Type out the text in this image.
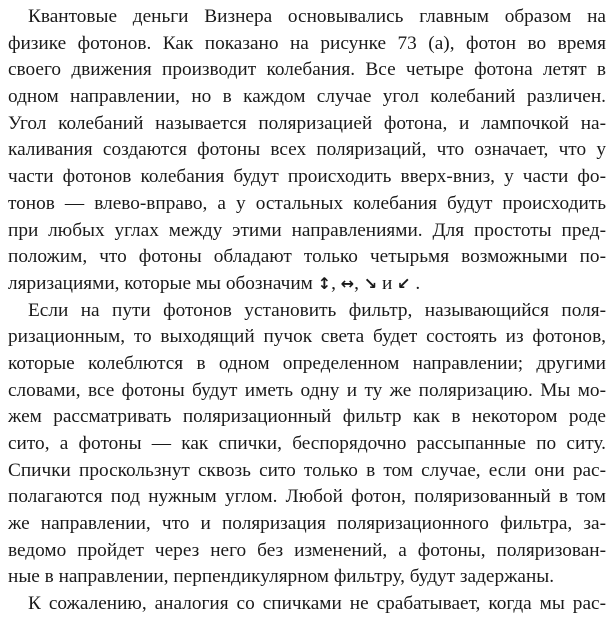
Квантовые деньги Визнера основывались главным образом на
физике фотонов. Как показано на рисунке 73 (а), фотон во время
своего движения производит колебания. Все четыре фотона летят в
одном направлении, но в каждом случае угол колебаний различен.
Угол колебаний называется поляризацией фотона, и лампочкой на-
каливания создаются фотоны всех поляризаций, что означает, что у
части фотонов колебания будут происходить вверх-вниз, у части фо-
тонов — влево-вправо, а у остальных колебания будут происходить
при любых углах между этими направлениями. Для простоты пред-
положим, что фотоны обладают только четырьмя возможными по-
ляризациями, которые мы обозначим ↕, ↔, ↘ и ↙ .
Если на пути фотонов установить фильтр, называющийся поля-
ризационным, то выходящий пучок света будет состоять из фотонов,
которые колеблются в одном определенном направлении; другими
словами, все фотоны будут иметь одну и ту же поляризацию. Мы мо-
жем рассматривать поляризационный фильтр как в некотором роде
сито, а фотоны — как спички, беспорядочно рассыпанные по ситу.
Спички проскользнут сквозь сито только в том случае, если они рас-
полагаются под нужным углом. Любой фотон, поляризованный в том
же направлении, что и поляризация поляризационного фильтра, за-
ведомо пройдет через него без изменений, а фотоны, поляризован-
ные в направлении, перпендикулярном фильтру, будут задержаны.
К сожалению, аналогия со спичками не срабатывает, когда мы рас-
